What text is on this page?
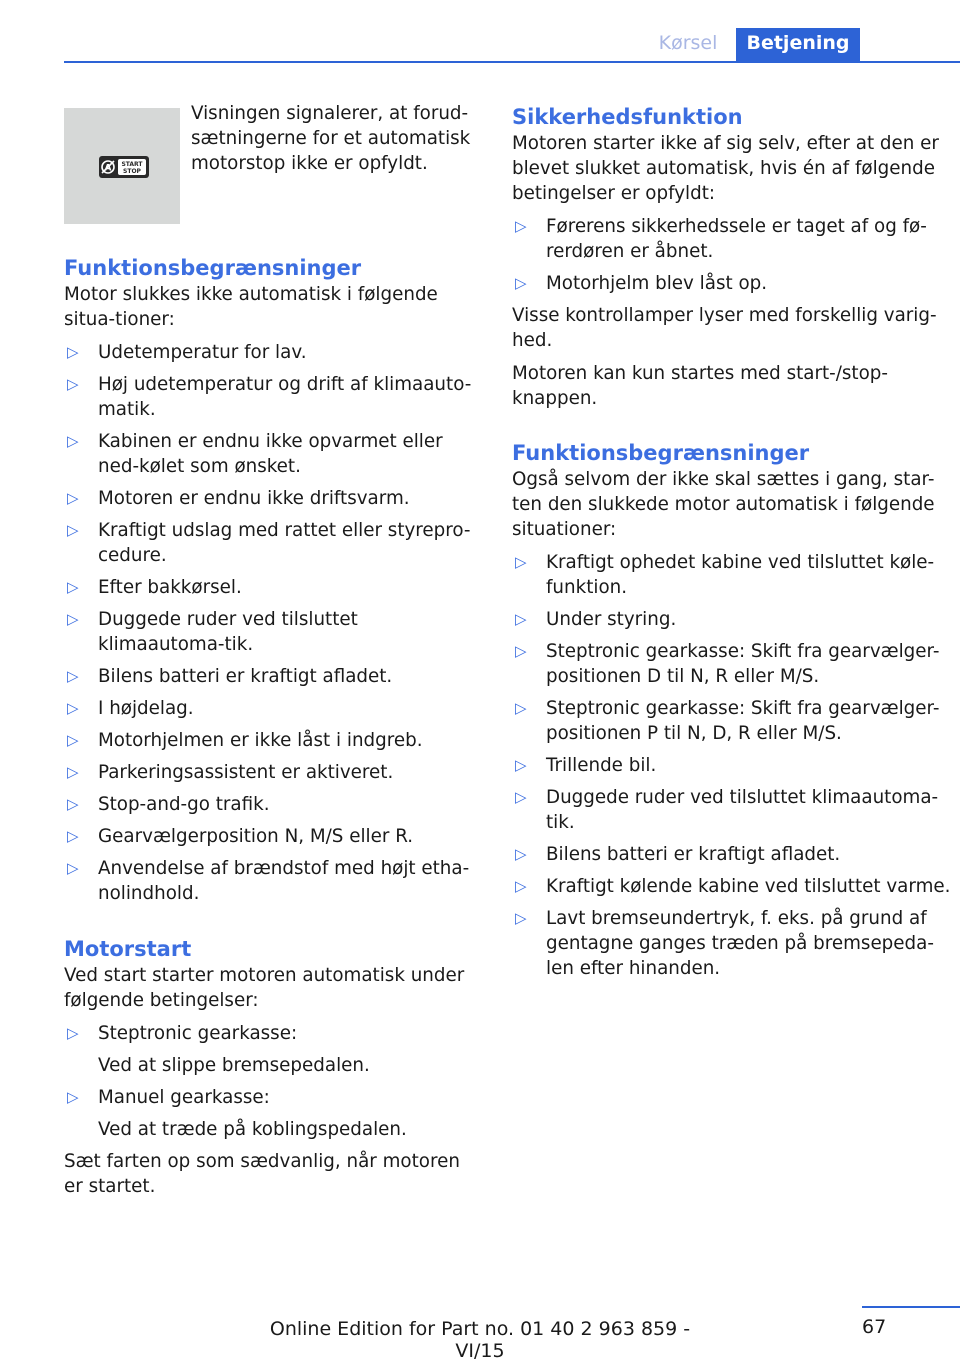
Kørsel	Betjening
A START
STOP

Visningen signalerer, at forud-sætningerne for et automatisk motorstop ikke er opfyldt.

Funktionsbegrænsninger

Motor slukkes ikke automatisk i følgende situa-tioner:

▷ Udetemperatur for lav.
▷ Høj udetemperatur og drift af klimaauto-matik.
▷ Kabinen er endnu ikke opvarmet eller ned-kølet som ønsket.
▷ Motoren er endnu ikke driftsvarm.
▷ Kraftigt udslag med rattet eller styrepro-cedure.
▷ Efter bakkørsel.
▷ Duggede ruder ved tilsluttet klimaautoma-tik.
▷ Bilens batteri er kraftigt afladet.
▷ I højdelag.
▷ Motorhjelmen er ikke låst i indgreb.
▷ Parkeringsassistent er aktiveret.
▷ Stop-and-go trafik.
▷ Gearvælgerposition N, M/S eller R.
▷ Anvendelse af brændstof med højt etha-nolindhold.
Motorstart

Ved start starter motoren automatisk under følgende betingelser:

▷ Steptronic gearkasse:
Ved at slippe bremsepedalen.
▷ Manuel gearkasse:
Ved at træde på koblingspedalen.

Sæt farten op som sædvanlig, når motoren er startet.

Sikkerhedsfunktion

Motoren starter ikke af sig selv, efter at den er blevet slukket automatisk, hvis én af følgende betingelser er opfyldt:

▷ Førerens sikkerhedssele er taget af og fø-rerdøren er åbnet.
▷ Motorhjelm blev låst op.

Visse kontrollamper lyser med forskellig varig-hed.

Motoren kan kun startes med start-/stop-knappen.

Funktionsbegrænsninger

Også selvom der ikke skal sættes i gang, star-ten den slukkede motor automatisk i følgende situationer:

▷ Kraftigt ophedet kabine ved tilsluttet køle-funktion.
▷ Under styring.
▷ Steptronic gearkasse: Skift fra gearvælger-positionen D til N, R eller M/S.
▷ Steptronic gearkasse: Skift fra gearvælger-positionen P til N, D, R eller M/S.
▷ Trillende bil.
▷ Duggede ruder ved tilsluttet klimaautoma-tik.
▷ Bilens batteri er kraftigt afladet.
▷ Kraftigt kølende kabine ved tilsluttet varme.
▷ Lavt bremseundertryk, f. eks. på grund af gentagne ganges træden på bremsepeda-len efter hinanden.
67
Online Edition for Part no. 01 40 2 963 859 - VI/15
